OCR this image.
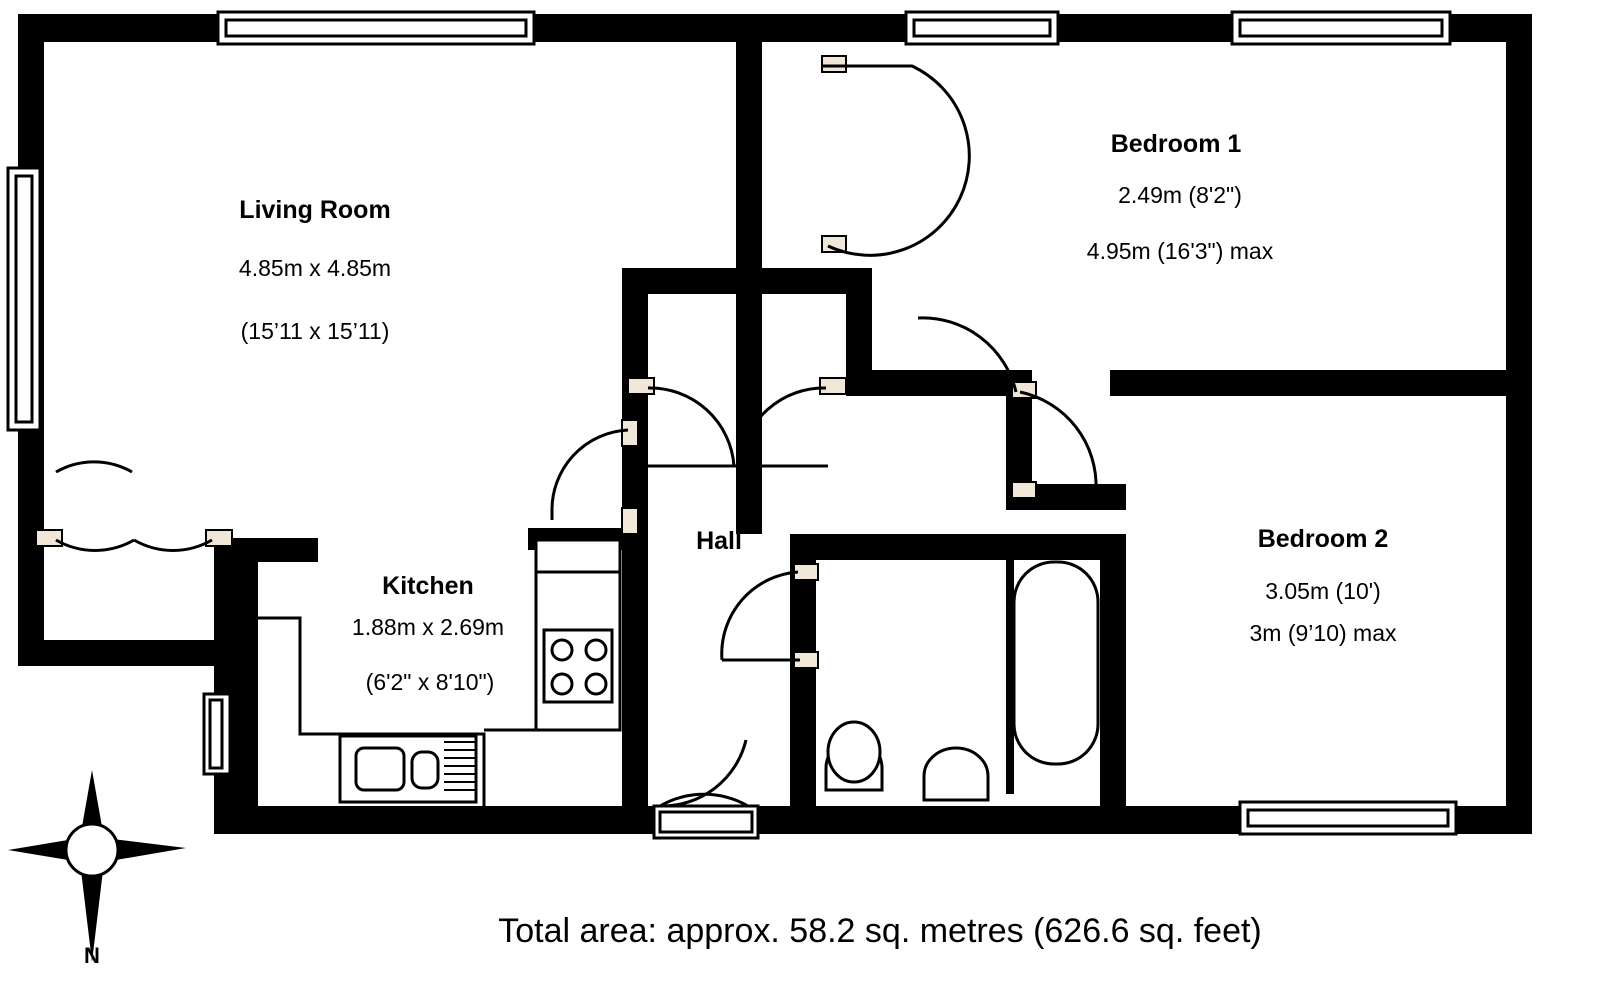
Living Room
4.85m x 4.85m
(15’11 x 15’11)
Bedroom 1
2.49m (8'2")
4.95m (16'3") max
Bedroom 2
3.05m (10')
3m (9’10) max
Kitchen
1.88m x 2.69m
(6'2" x 8'10")
Hall
Total area: approx. 58.2 sq. metres (626.6 sq. feet)
N
